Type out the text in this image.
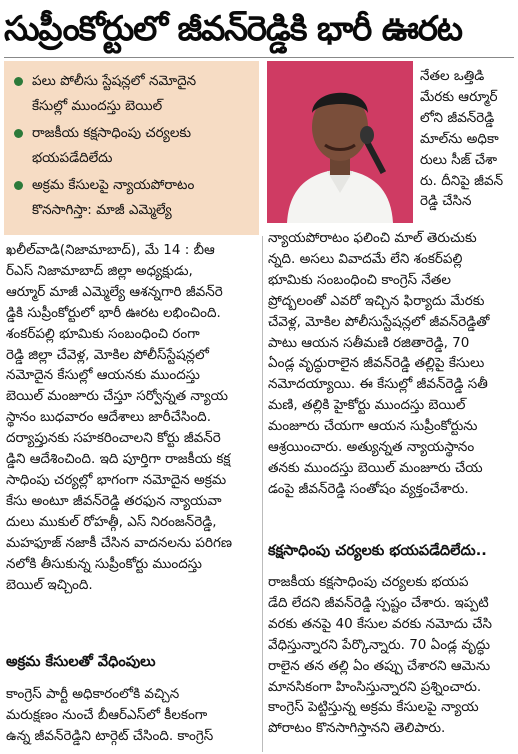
సుప్రీంకోర్టులో జీవన్‌రెడ్డికి భారీ ఊరట
పలు పోలీసు స్టేషన్లలో నమోదైన
కేసుల్లో ముందస్తు బెయిల్
రాజకీయ కక్షసాధింపు చర్యలకు
భయపడేదిలేదు
అక్రమ కేసులపై న్యాయపోరాటం
కొనసాగిస్తా: మాజీ ఎమ్మెల్యే
నేతల ఒత్తిడి
మేరకు ఆర్మూర్
లోని జీవన్‌రెడ్డి
మాల్‌ను అధికా
రులు సీజ్ చేశా
రు. దీనిపై జీవన్
రెడ్డి చేసిన
ఖలీల్‌వాడి(నిజామాబాద్), మే 14 : బీఆ
ర్ఎస్ నిజామాబాద్ జిల్లా అధ్యక్షుడు,
ఆర్మూర్ మాజీ ఎమ్మెల్యే ఆశన్నగారి జీవన్‌రె
డ్డికి సుప్రీంకోర్టులో భారీ ఊరట లభించింది.
శంకర్‌పల్లి భూమికు సంబంధించి రంగా
రెడ్డి జిల్లా చేవెళ్ల, మోకిల పోలీస్‌స్టేషన్లలో
నమోదైన కేసుల్లో ఆయనకు ముందస్తు
బెయిల్ మంజూరు చేస్తూ సర్వోన్నత న్యాయ
స్థానం బుధవారం ఆదేశాలు జారీచేసింది.
దర్యాప్తునకు సహకరించాలని కోర్టు జీవన్‌రె
డ్డిని ఆదేశించింది. ఇది పూర్తిగా రాజకీయ కక్ష
సాధింపు చర్యల్లో భాగంగా నమోదైన అక్రమ
కేసు అంటూ జీవన్‌రెడ్డి తరఫున న్యాయవా
దులు ముకుల్ రోహత్గీ, ఎస్ నిరంజన్‌రెడ్డి,
మహఫూజ్ నజాకీ చేసిన వాదనలను పరిగణ
నలోకి తీసుకున్న సుప్రీంకోర్టు ముందస్తు
బెయిల్ ఇచ్చింది.
న్యాయపోరాటం ఫలించి మాల్ తెరుచుకు
న్నది. అసలు వివాదమే లేని శంకర్‌పల్లి
భూమికు సంబంధించి కాంగ్రెస్ నేతల
ప్రోద్బలంతో ఎవరో ఇచ్చిన ఫిర్యాదు మేరకు
చేవెళ్ల, మోకిల పోలీసుస్టేషన్లలో జీవన్‌రెడ్డితో
పాటు ఆయన సతీమణి రజితారెడ్డి, 70
ఏండ్ల వృద్ధురాలైన జీవన్‌రెడ్డి తల్లిపై కేసులు
నమోదయ్యాయి. ఈ కేసుల్లో జీవన్‌రెడ్డి సతీ
మణి, తల్లికి హైకోర్టు ముందస్తు బెయిల్
మంజూరు చేయగా ఆయన సుప్రీంకోర్టును
ఆశ్రయించారు. అత్యున్నత న్యాయస్థానం
తనకు ముందస్తు బెయిల్ మంజూరు చేయ
డంపై జీవన్‌రెడ్డి సంతోషం వ్యక్తంచేశారు.
కక్షసాధింపు చర్యలకు భయపడేదిలేదు..
రాజకీయ కక్షసాధింపు చర్యలకు భయప
డేది లేదని జీవన్‌రెడ్డి స్పష్టం చేశారు. ఇప్పటి
వరకు తనపై 40 కేసుల వరకు నమోదు చేసి
వేధిస్తున్నారని పేర్కొన్నారు. 70 ఏండ్ల వృద్ధు
రాలైన తన తల్లి ఏం తప్పు చేశారని ఆమెను
మానసికంగా హింసిస్తున్నారని ప్రశ్నించారు.
కాంగ్రెస్ పెట్టిస్తున్న అక్రమ కేసులపై న్యాయ
పోరాటం కొనసాగిస్తానని తెలిపారు.
అక్రమ కేసులతో వేధింపులు
కాంగ్రెస్ పార్టీ అధికారంలోకి వచ్చిన
మరుక్షణం నుంచే బీఆర్ఎస్‌లో కీలకంగా
ఉన్న జీవన్‌రెడ్డిని టార్గెట్ చేసింది. కాంగ్రెస్
